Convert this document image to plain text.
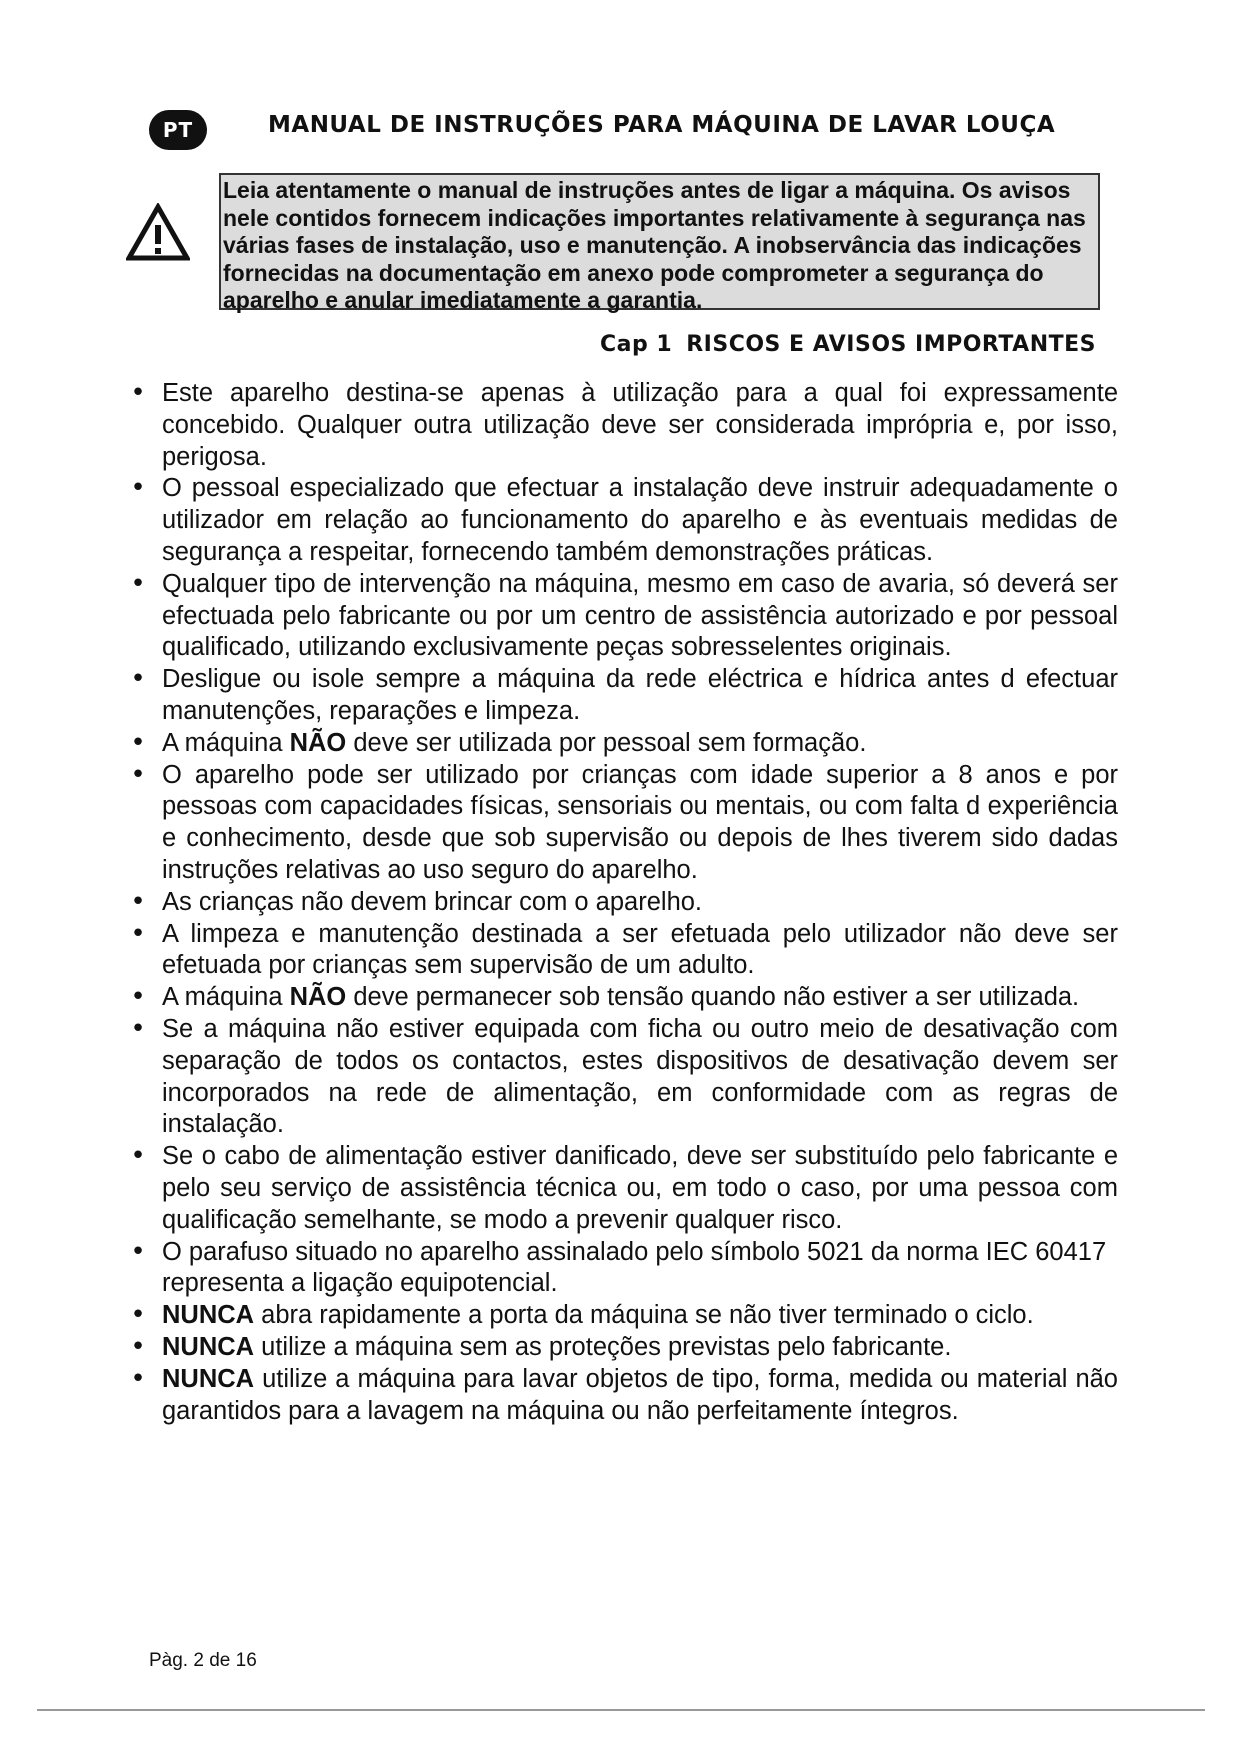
PT	MANUAL DE INSTRUÇÕES PARA MÁQUINA DE LAVAR LOUÇA
Leia atentamente o manual de instruções antes de ligar a máquina. Os avisos nele contidos fornecem indicações importantes relativamente à segurança nas várias fases de instalação, uso e manutenção. A inobservância das indicações fornecidas na documentação em anexo pode comprometer a segurança do aparelho e anular imediatamente a garantia.
Cap 1 RISCOS E AVISOS IMPORTANTES
• Este aparelho destina-se apenas à utilização para a qual foi expressamente concebido. Qualquer outra utilização deve ser considerada imprópria e, por isso, perigosa.
• O pessoal especializado que efectuar a instalação deve instruir adequadamente o utilizador em relação ao funcionamento do aparelho e às eventuais medidas de segurança a respeitar, fornecendo também demonstrações práticas.
• Qualquer tipo de intervenção na máquina, mesmo em caso de avaria, só deverá ser efectuada pelo fabricante ou por um centro de assistência autorizado e por pessoal qualificado, utilizando exclusivamente peças sobresselentes originais.
• Desligue ou isole sempre a máquina da rede eléctrica e hídrica antes d efectuar manutenções, reparações e limpeza.
• A máquina NÃO deve ser utilizada por pessoal sem formação.
• O aparelho pode ser utilizado por crianças com idade superior a 8 anos e por pessoas com capacidades físicas, sensoriais ou mentais, ou com falta d experiência e conhecimento, desde que sob supervisão ou depois de lhes tiverem sido dadas instruções relativas ao uso seguro do aparelho.
• As crianças não devem brincar com o aparelho.
• A limpeza e manutenção destinada a ser efetuada pelo utilizador não deve ser efetuada por crianças sem supervisão de um adulto.
• A máquina NÃO deve permanecer sob tensão quando não estiver a ser utilizada.
• Se a máquina não estiver equipada com ficha ou outro meio de desativação com separação de todos os contactos, estes dispositivos de desativação devem ser incorporados na rede de alimentação, em conformidade com as regras de instalação.
• Se o cabo de alimentação estiver danificado, deve ser substituído pelo fabricante e pelo seu serviço de assistência técnica ou, em todo o caso, por uma pessoa com qualificação semelhante, se modo a prevenir qualquer risco.
• O parafuso situado no aparelho assinalado pelo símbolo 5021 da norma IEC 60417 representa a ligação equipotencial.
• NUNCA abra rapidamente a porta da máquina se não tiver terminado o ciclo.
• NUNCA utilize a máquina sem as proteções previstas pelo fabricante.
• NUNCA utilize a máquina para lavar objetos de tipo, forma, medida ou material não garantidos para a lavagem na máquina ou não perfeitamente íntegros.
Pàg. 2 de 16
